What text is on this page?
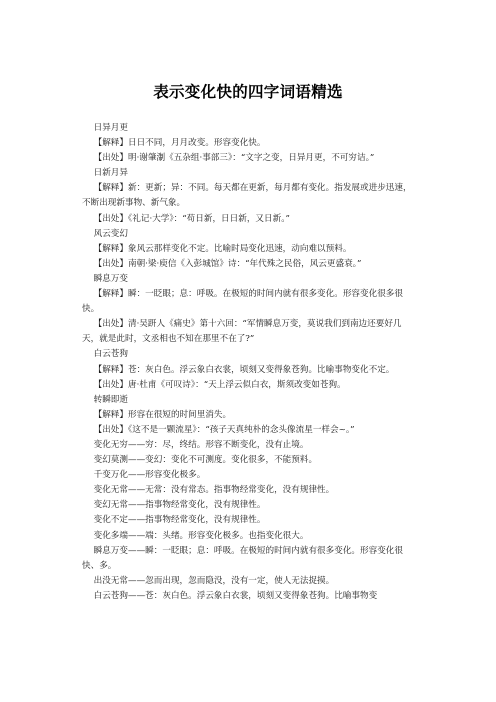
表示变化快的四字词语精选

日异月更

【解释】日日不同，月月改变。形容变化快。

【出处】明·谢肇淛《五杂组·事部三》：“文字之变，日异月更，不可穷诘。”

日新月异

【解释】新：更新；异：不同。每天都在更新，每月都有变化。指发展或进步迅速，不断出现新事物、新气象。

【出处】《礼记·大学》：“苟日新，日日新，又日新。”

风云变幻

【解释】象风云那样变化不定。比喻时局变化迅速，动向难以预料。

【出处】南朝·梁·庾信《入彭城馆》诗：“年代殊之民俗，风云更盛衰。”

瞬息万变

【解释】瞬：一眨眼；息：呼吸。在极短的时间内就有很多变化。形容变化很多很快。

【出处】清·吴趼人《痛史》第十六回：“军情瞬息万变，莫说我们到南边还要好几天，就是此时，文丞相也不知在那里不在了?”

白云苍狗

【解释】苍：灰白色。浮云象白衣裳，顷刻又变得象苍狗。比喻事物变化不定。

【出处】唐·杜甫《可叹诗》：“天上浮云似白衣，斯须改变如苍狗。

转瞬即逝

【解释】形容在很短的时间里消失。

【出处】《这不是一颗流星》：“孩子天真纯朴的念头像流星一样会~。”

变化无穷——穷：尽，终结。形容不断变化，没有止境。

变幻莫测——变幻：变化不可测度。变化很多，不能预料。

千变万化——形容变化极多。

变化无常——无常：没有常态。指事物经常变化，没有规律性。

变幻无常——指事物经常变化，没有规律性。

变化不定——指事物经常变化，没有规律性。

变化多端——端：头绪。形容变化极多。也指变化很大。

瞬息万变——瞬：一眨眼；息：呼吸。在极短的时间内就有很多变化。形容变化很快、多。

出没无常——忽而出现，忽而隐没，没有一定，使人无法捉摸。

白云苍狗——苍：灰白色。浮云象白衣裳，顷刻又变得象苍狗。比喻事物变
